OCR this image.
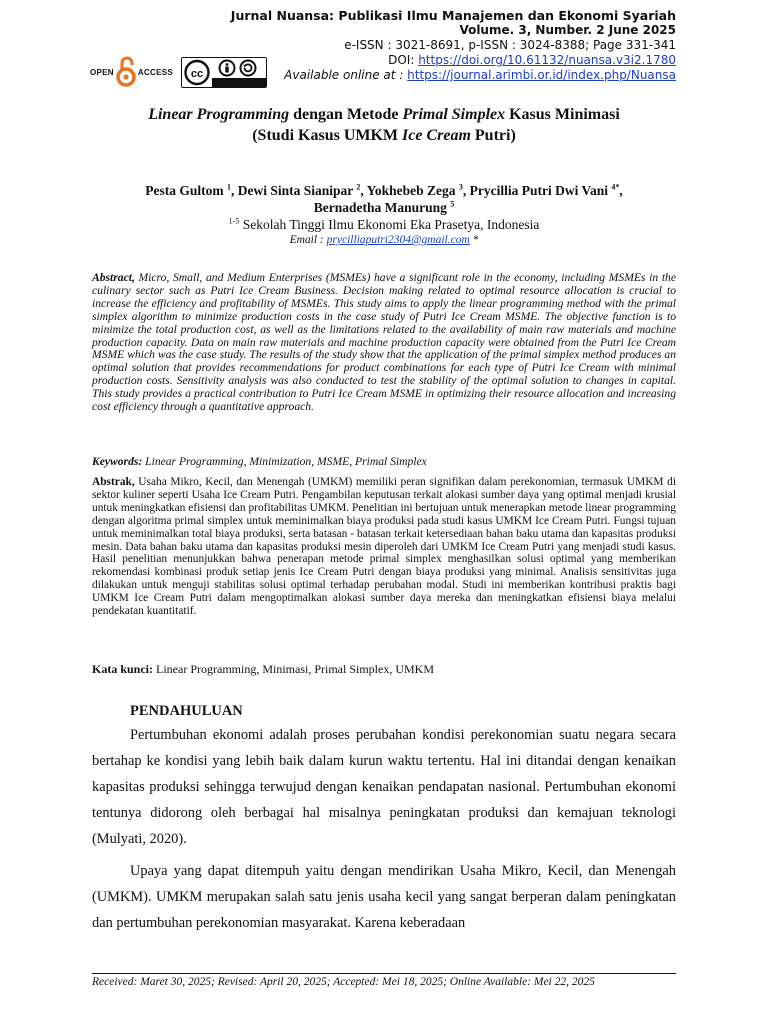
OPEN	ACCESS cc
Jurnal Nuansa: Publikasi Ilmu Manajemen dan Ekonomi Syariah
Volume. 3, Number. 2 June 2025
e-ISSN : 3021-8691, p-ISSN : 3024-8388; Page 331-341
DOI: https://doi.org/10.61132/nuansa.v3i2.1780
Available online at : https://journal.arimbi.or.id/index.php/Nuansa
Linear Programming dengan Metode Primal Simplex Kasus Minimasi
(Studi Kasus UMKM Ice Cream Putri)
Pesta Gultom $^1$, Dewi Sinta Sianipar $^2$, Yokhebeb Zega $^3$, Prycillia Putri Dwi Vani $^{4*}$,
Bernadetha Manurung $^5$
$^{1-5}$ Sekolah Tinggi Ilmu Ekonomi Eka Prasetya, Indonesia
Email : prycilliaputri2304@gmail.com *
Abstract, Micro, Small, and Medium Enterprises (MSMEs) have a significant role in the economy, including MSMEs in the culinary sector such as Putri Ice Cream Business. Decision making related to optimal resource allocation is crucial to increase the efficiency and profitability of MSMEs. This study aims to apply the linear programming method with the primal simplex algorithm to minimize production costs in the case study of Putri Ice Cream MSME. The objective function is to minimize the total production cost, as well as the limitations related to the availability of main raw materials and machine production capacity. Data on main raw materials and machine production capacity were obtained from the Putri Ice Cream MSME which was the case study. The results of the study show that the application of the primal simplex method produces an optimal solution that provides recommendations for product combinations for each type of Putri Ice Cream with minimal production costs. Sensitivity analysis was also conducted to test the stability of the optimal solution to changes in capital. This study provides a practical contribution to Putri Ice Cream MSME in optimizing their resource allocation and increasing cost efficiency through a quantitative approach.
Keywords: Linear Programming, Minimization, MSME, Primal Simplex
Abstrak, Usaha Mikro, Kecil, dan Menengah (UMKM) memiliki peran signifikan dalam perekonomian, termasuk UMKM di sektor kuliner seperti Usaha Ice Cream Putri. Pengambilan keputusan terkait alokasi sumber daya yang optimal menjadi krusial untuk meningkatkan efisiensi dan profitabilitas UMKM. Penelitian ini bertujuan untuk menerapkan metode linear programming dengan algoritma primal simplex untuk meminimalkan biaya produksi pada studi kasus UMKM Ice Cream Putri. Fungsi tujuan untuk meminimalkan total biaya produksi, serta batasan - batasan terkait ketersediaan bahan baku utama dan kapasitas produksi mesin. Data bahan baku utama dan kapasitas produksi mesin diperoleh dari UMKM Ice Cream Putri yang menjadi studi kasus. Hasil penelitian menunjukkan bahwa penerapan metode primal simplex menghasilkan solusi optimal yang memberikan rekomendasi kombinasi produk setiap jenis Ice Cream Putri dengan biaya produksi yang minimal. Analisis sensitivitas juga dilakukan untuk menguji stabilitas solusi optimal terhadap perubahan modal. Studi ini memberikan kontribusi praktis bagi UMKM Ice Cream Putri dalam mengoptimalkan alokasi sumber daya mereka dan meningkatkan efisiensi biaya melalui pendekatan kuantitatif.
Kata kunci: Linear Programming, Minimasi, Primal Simplex, UMKM
PENDAHULUAN

Pertumbuhan ekonomi adalah proses perubahan kondisi perekonomian suatu negara secara bertahap ke kondisi yang lebih baik dalam kurun waktu tertentu. Hal ini ditandai dengan kenaikan kapasitas produksi sehingga terwujud dengan kenaikan pendapatan nasional. Pertumbuhan ekonomi tentunya didorong oleh berbagai hal misalnya peningkatan produksi dan kemajuan teknologi (Mulyati, 2020).

Upaya yang dapat ditempuh yaitu dengan mendirikan Usaha Mikro, Kecil, dan Menengah (UMKM). UMKM merupakan salah satu jenis usaha kecil yang sangat berperan dalam peningkatan dan pertumbuhan perekonomian masyarakat. Karena keberadaan

Received: Maret 30, 2025; Revised: April 20, 2025; Accepted: Mei 18, 2025; Online Available: Mei 22, 2025
